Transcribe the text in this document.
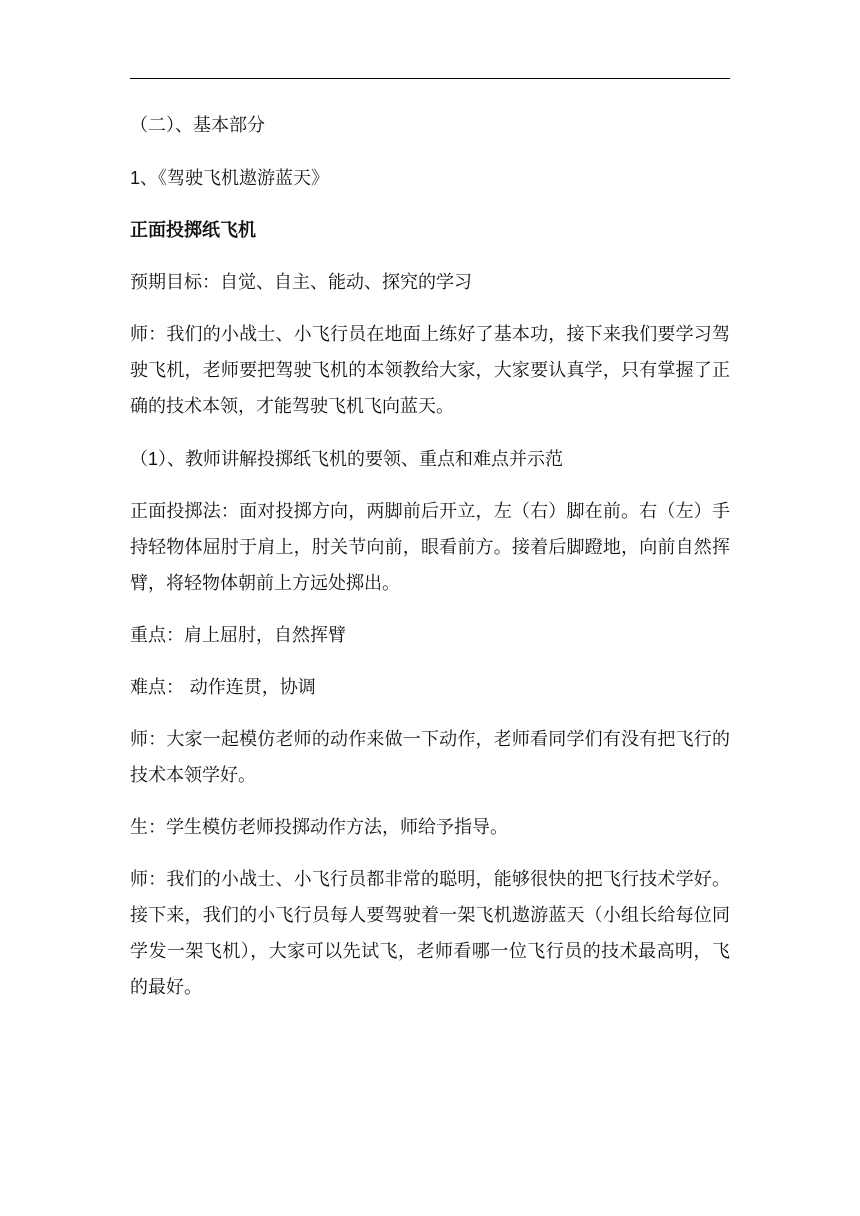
（二）、基本部分

1、《驾驶飞机遨游蓝天》

正面投掷纸飞机

预期目标：自觉、自主、能动、探究的学习

师：我们的小战士、小飞行员在地面上练好了基本功，接下来我们要学习驾驶飞机，老师要把驾驶飞机的本领教给大家，大家要认真学，只有掌握了正确的技术本领，才能驾驶飞机飞向蓝天。

（1）、教师讲解投掷纸飞机的要领、重点和难点并示范

正面投掷法：面对投掷方向，两脚前后开立，左（右）脚在前。右（左）手持轻物体屈肘于肩上，肘关节向前，眼看前方。接着后脚蹬地，向前自然挥臂，将轻物体朝前上方远处掷出。

重点：肩上屈肘，自然挥臂

难点： 动作连贯，协调

师：大家一起模仿老师的动作来做一下动作，老师看同学们有没有把飞行的技术本领学好。

生：学生模仿老师投掷动作方法，师给予指导。

师：我们的小战士、小飞行员都非常的聪明，能够很快的把飞行技术学好。接下来，我们的小飞行员每人要驾驶着一架飞机遨游蓝天（小组长给每位同学发一架飞机），大家可以先试飞，老师看哪一位飞行员的技术最高明，飞的最好。
